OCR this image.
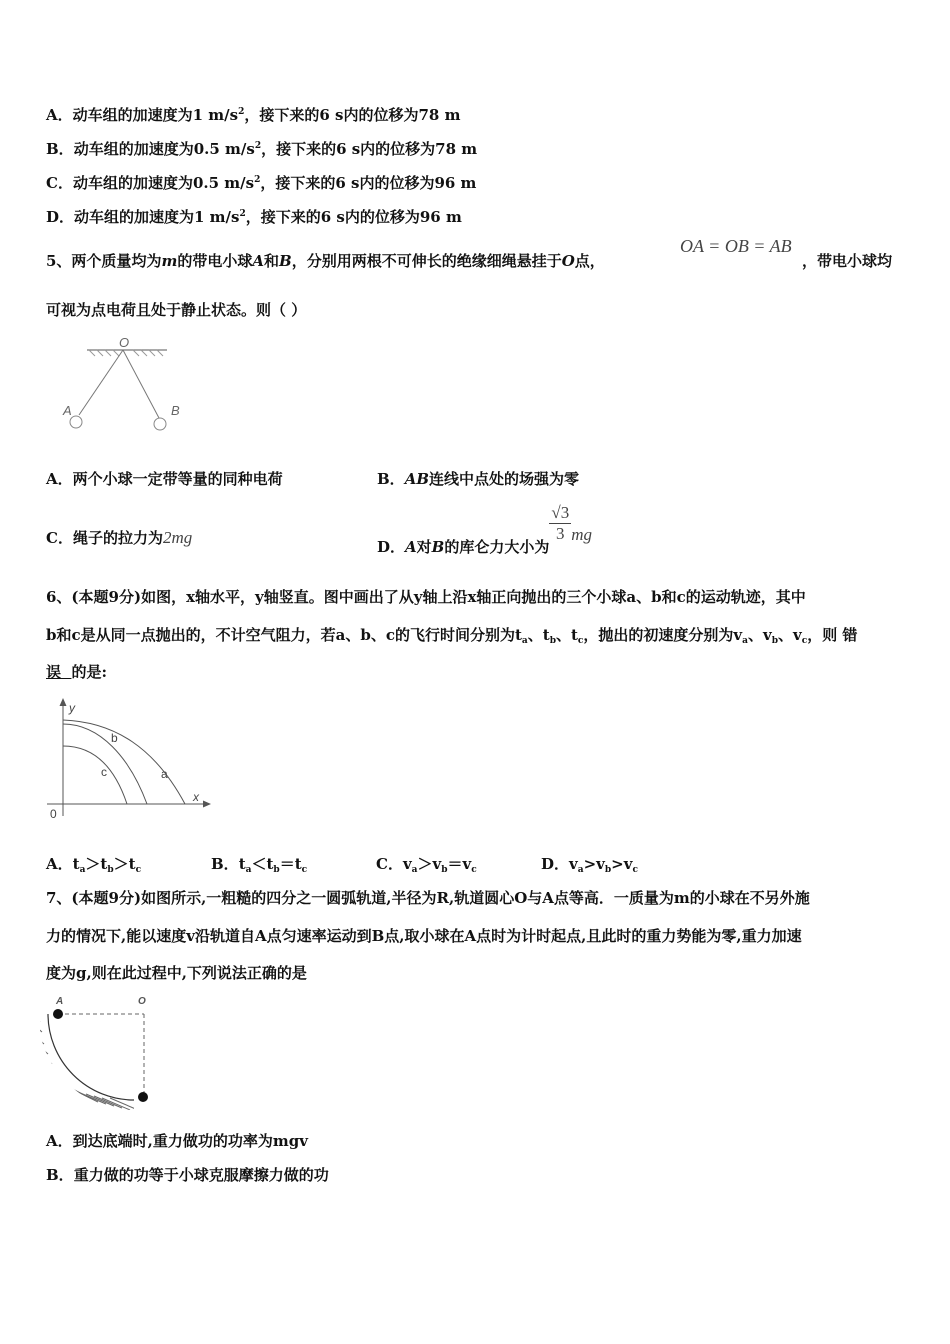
A．动车组的加速度为1 $m/s^2$，接下来的6 s内的位移为78 m
B．动车组的加速度为0.5 $m/s^2$，接下来的6 s内的位移为78 m
C．动车组的加速度为0.5 $m/s^2$，接下来的6 s内的位移为96 m
D．动车组的加速度为1 $m/s^2$，接下来的6 s内的位移为96 m
5、两个质量均为m的带电小球A和B，分别用两根不可伸长的绝缘细绳悬挂于O点，
OA = OB = AB
，带电小球均
可视为点电荷且处于静止状态。则（ ）
O
A	B
A．两个小球一定带等量的同种电荷	B．AB连线中点处的场强为零
C．绳子的拉力为2mg	D．A对B的库仑力大小为
$\frac{√3}{3}$ mg
6、(本题9分)如图，x轴水平，y轴竖直。图中画出了从y轴上沿x轴正向抛出的三个小球a、b和c的运动轨迹，其中
b和c是从同一点抛出的，不计空气阻力，若a、b、c的飞行时间分别为$t_a$、$t_b$、$t_c$，抛出的初速度分别为$v_a$、$v_b$、$v_c$，则 错
误 的是:
y
x
0
a
b
c
A．$t_a>t_b>t_c$	B．$t_a<t_b=t_c$	C．$v_a>v_b=v_c$	D．$v_a>v_b>v_c$
7、(本题9分)如图所示,一粗糙的四分之一圆弧轨道,半径为R,轨道圆心O与A点等高．一质量为m的小球在不另外施
力的情况下,能以速度v沿轨道自A点匀速率运动到B点,取小球在A点时为计时起点,且此时的重力势能为零,重力加速
度为g,则在此过程中,下列说法正确的是
A	O
A．到达底端时,重力做功的功率为mgv
B．重力做的功等于小球克服摩擦力做的功
